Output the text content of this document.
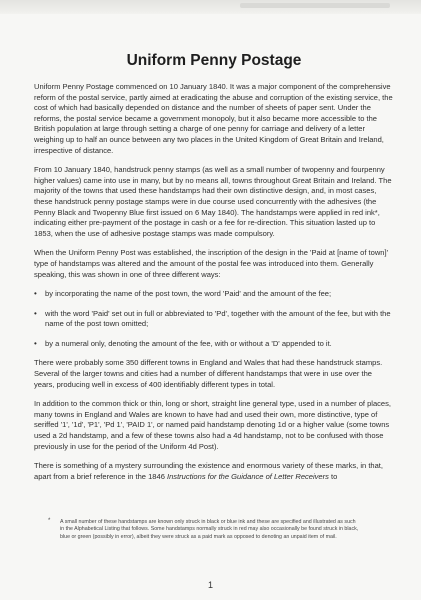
Uniform Penny Postage

Uniform Penny Postage commenced on 10 January 1840. It was a major component of the comprehensive reform of the postal service, partly aimed at eradicating the abuse and corruption of the existing service, the cost of which had basically depended on distance and the number of sheets of paper sent. Under the reforms, the postal service became a government monopoly, but it also became more accessible to the British population at large through setting a charge of one penny for carriage and delivery of a letter weighing up to half an ounce between any two places in the United Kingdom of Great Britain and Ireland, irrespective of distance.

From 10 January 1840, handstruck penny stamps (as well as a small number of twopenny and fourpenny higher values) came into use in many, but by no means all, towns throughout Great Britain and Ireland. The majority of the towns that used these handstamps had their own distinctive design, and, in most cases, these handstruck penny postage stamps were in due course used concurrently with the adhesives (the Penny Black and Twopenny Blue first issued on 6 May 1840). The handstamps were applied in red ink*, indicating either pre-payment of the postage in cash or a fee for re-direction. This situation lasted up to 1853, when the use of adhesive postage stamps was made compulsory.

When the Uniform Penny Post was established, the inscription of the design in the 'Paid at [name of town]' type of handstamps was altered and the amount of the postal fee was introduced into them. Generally speaking, this was shown in one of three different ways:

• by incorporating the name of the post town, the word 'Paid' and the amount of the fee;
• with the word 'Paid' set out in full or abbreviated to 'Pd', together with the amount of the fee, but with the name of the post town omitted;
• by a numeral only, denoting the amount of the fee, with or without a 'D' appended to it.

There were probably some 350 different towns in England and Wales that had these handstruck stamps. Several of the larger towns and cities had a number of different handstamps that were in use over the years, producing well in excess of 400 identifiably different types in total.

In addition to the common thick or thin, long or short, straight line general type, used in a number of places, many towns in England and Wales are known to have had and used their own, more distinctive, type of seriffed '1', '1d', 'P1', 'Pd 1', 'PAID 1', or named paid handstamp denoting 1d or a higher value (some towns used a 2d handstamp, and a few of these towns also had a 4d handstamp, not to be confused with those previously in use for the period of the Uniform 4d Post).

There is something of a mystery surrounding the existence and enormous variety of these marks, in that, apart from a brief reference in the 1846 Instructions for the Guidance of Letter Receivers to

* A small number of these handstamps are known only struck in black or blue ink and these are specified and illustrated as such in the Alphabetical Listing that follows. Some handstamps normally struck in red may also occasionally be found struck in black, blue or green (possibly in error), albeit they were struck as a paid mark as opposed to denoting an unpaid item of mail.
1
